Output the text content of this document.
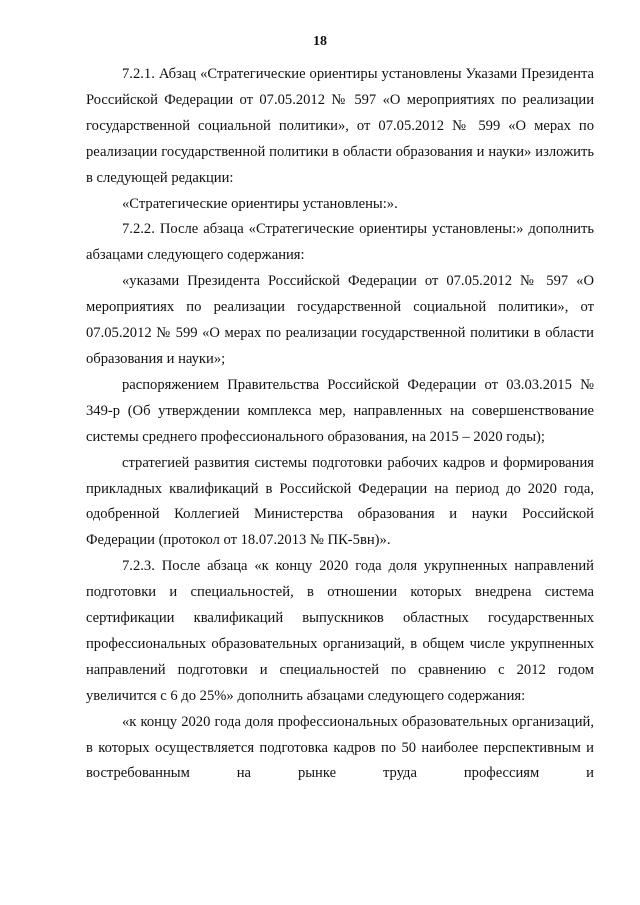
18

7.2.1. Абзац «Стратегические ориентиры установлены Указами Президента Российской Федерации от 07.05.2012 № 597 «О мероприятиях по реализации государственной социальной политики», от 07.05.2012 № 599 «О мерах по реализации государственной политики в области образования и науки» изложить в следующей редакции:

«Стратегические ориентиры установлены:».

7.2.2. После абзаца «Стратегические ориентиры установлены:» дополнить абзацами следующего содержания:

«указами Президента Российской Федерации от 07.05.2012 № 597 «О мероприятиях по реализации государственной социальной политики», от 07.05.2012 № 599 «О мерах по реализации государственной политики в области образования и науки»;

распоряжением Правительства Российской Федерации от 03.03.2015 № 349-р (Об утверждении комплекса мер, направленных на совершенствование системы среднего профессионального образования, на 2015 – 2020 годы);

стратегией развития системы подготовки рабочих кадров и формирования прикладных квалификаций в Российской Федерации на период до 2020 года, одобренной Коллегией Министерства образования и науки Российской Федерации (протокол от 18.07.2013 № ПК-5вн)».

7.2.3. После абзаца «к концу 2020 года доля укрупненных направлений подготовки и специальностей, в отношении которых внедрена система сертификации квалификаций выпускников областных государственных профессиональных образовательных организаций, в общем числе укрупненных направлений подготовки и специальностей по сравнению с 2012 годом увеличится с 6 до 25%» дополнить абзацами следующего содержания:

«к концу 2020 года доля профессиональных образовательных организаций, в которых осуществляется подготовка кадров по 50 наиболее перспективным и востребованным на рынке труда профессиям и
